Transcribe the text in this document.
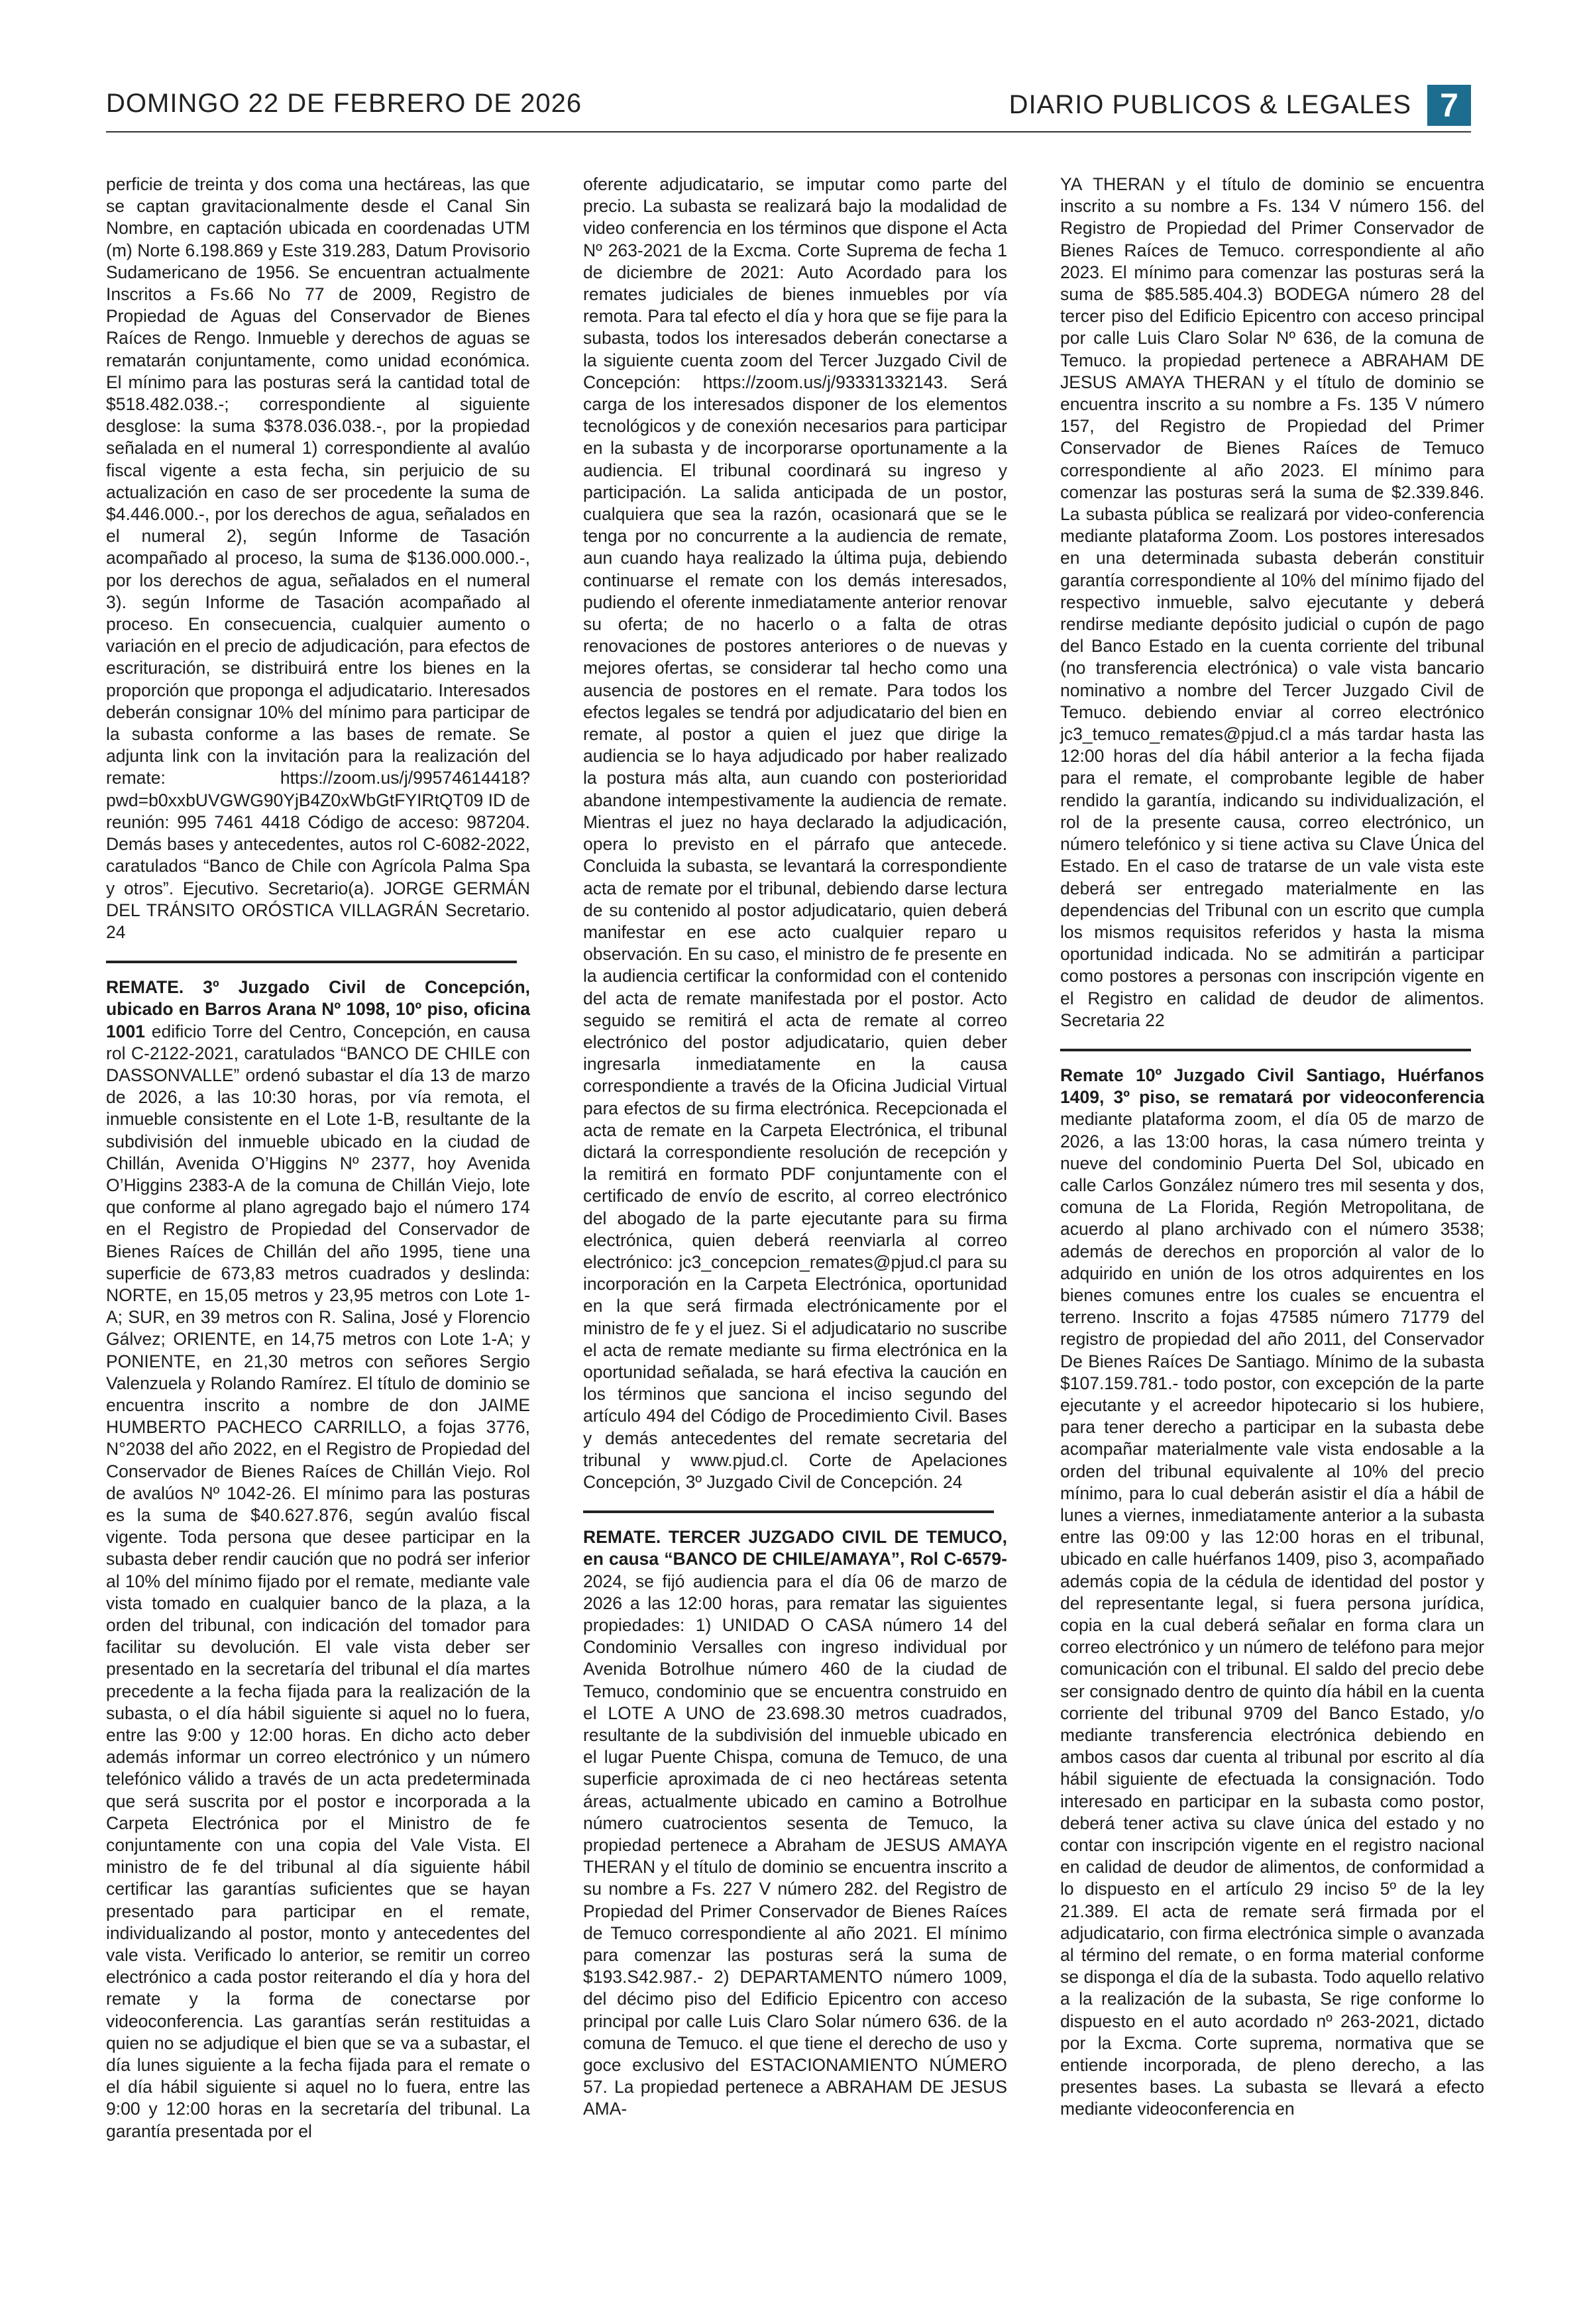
DOMINGO 22 DE FEBRERO DE 2026	DIARIO PUBLICOS & LEGALES 7

perficie de treinta y dos coma una hectáreas, las que se captan gravitacionalmente desde el Canal Sin Nombre, en captación ubicada en coordenadas UTM (m) Norte 6.198.869 y Este 319.283, Datum Provisorio Sudamericano de 1956. Se encuentran actualmente Inscritos a Fs.66 No 77 de 2009, Registro de Propiedad de Aguas del Conservador de Bienes Raíces de Rengo. Inmueble y derechos de aguas se rematarán conjuntamente, como unidad económica. El mínimo para las posturas será la cantidad total de $518.482.038.-; correspondiente al siguiente desglose: la suma $378.036.038.-, por la propiedad señalada en el numeral 1) correspondiente al avalúo fiscal vigente a esta fecha, sin perjuicio de su actualización en caso de ser procedente la suma de $4.446.000.-, por los derechos de agua, señalados en el numeral 2), según Informe de Tasación acompañado al proceso, la suma de $136.000.000.-, por los derechos de agua, señalados en el numeral 3). según Informe de Tasación acompañado al proceso. En consecuencia, cualquier aumento o variación en el precio de adjudicación, para efectos de escrituración, se distribuirá entre los bienes en la proporción que proponga el adjudicatario. Interesados deberán consignar 10% del mínimo para participar de la subasta conforme a las bases de remate. Se adjunta link con la invitación para la realización del remate: https://zoom.us/j/99574614418?pwd=b0xxbUVGWG90YjB4Z0xWbGtFYIRtQT09 ID de reunión: 995 7461 4418 Código de acceso: 987204. Demás bases y antecedentes, autos rol C-6082-2022, caratulados “Banco de Chile con Agrícola Palma Spa y otros”. Ejecutivo. Secretario(a). JORGE GERMÁN DEL TRÁNSITO ORÓSTICA VILLAGRÁN Secretario. 24

REMATE. 3º Juzgado Civil de Concepción, ubicado en Barros Arana Nº 1098, 10º piso, oficina 1001 edificio Torre del Centro, Concepción, en causa rol C-2122-2021, caratulados “BANCO DE CHILE con DASSONVALLE” ordenó subastar el día 13 de marzo de 2026, a las 10:30 horas, por vía remota, el inmueble consistente en el Lote 1-B, resultante de la subdivisión del inmueble ubicado en la ciudad de Chillán, Avenida O’Higgins Nº 2377, hoy Avenida O’Higgins 2383-A de la comuna de Chillán Viejo, lote que conforme al plano agregado bajo el número 174 en el Registro de Propiedad del Conservador de Bienes Raíces de Chillán del año 1995, tiene una superficie de 673,83 metros cuadrados y deslinda: NORTE, en 15,05 metros y 23,95 metros con Lote 1-A; SUR, en 39 metros con R. Salina, José y Florencio Gálvez; ORIENTE, en 14,75 metros con Lote 1-A; y PONIENTE, en 21,30 metros con señores Sergio Valenzuela y Rolando Ramírez. El título de dominio se encuentra inscrito a nombre de don JAIME HUMBERTO PACHECO CARRILLO, a fojas 3776, N°2038 del año 2022, en el Registro de Propiedad del Conservador de Bienes Raíces de Chillán Viejo. Rol de avalúos Nº 1042-26. El mínimo para las posturas es la suma de $40.627.876, según avalúo fiscal vigente. Toda persona que desee participar en la subasta deber rendir caución que no podrá ser inferior al 10% del mínimo fijado por el remate, mediante vale vista tomado en cualquier banco de la plaza, a la orden del tribunal, con indicación del tomador para facilitar su devolución. El vale vista deber ser presentado en la secretaría del tribunal el día martes precedente a la fecha fijada para la realización de la subasta, o el día hábil siguiente si aquel no lo fuera, entre las 9:00 y 12:00 horas. En dicho acto deber además informar un correo electrónico y un número telefónico válido a través de un acta predeterminada que será suscrita por el postor e incorporada a la Carpeta Electrónica por el Ministro de fe conjuntamente con una copia del Vale Vista. El ministro de fe del tribunal al día siguiente hábil certificar las garantías suficientes que se hayan presentado para participar en el remate, individualizando al postor, monto y antecedentes del vale vista. Verificado lo anterior, se remitir un correo electrónico a cada postor reiterando el día y hora del remate y la forma de conectarse por videoconferencia. Las garantías serán restituidas a quien no se adjudique el bien que se va a subastar, el día lunes siguiente a la fecha fijada para el remate o el día hábil siguiente si aquel no lo fuera, entre las 9:00 y 12:00 horas en la secretaría del tribunal. La garantía presentada por el

oferente adjudicatario, se imputar como parte del precio. La subasta se realizará bajo la modalidad de video conferencia en los términos que dispone el Acta Nº 263-2021 de la Excma. Corte Suprema de fecha 1 de diciembre de 2021: Auto Acordado para los remates judiciales de bienes inmuebles por vía remota. Para tal efecto el día y hora que se fije para la subasta, todos los interesados deberán conectarse a la siguiente cuenta zoom del Tercer Juzgado Civil de Concepción: https://zoom.us/j/93331332143. Será carga de los interesados disponer de los elementos tecnológicos y de conexión necesarios para participar en la subasta y de incorporarse oportunamente a la audiencia. El tribunal coordinará su ingreso y participación. La salida anticipada de un postor, cualquiera que sea la razón, ocasionará que se le tenga por no concurrente a la audiencia de remate, aun cuando haya realizado la última puja, debiendo continuarse el remate con los demás interesados, pudiendo el oferente inmediatamente anterior renovar su oferta; de no hacerlo o a falta de otras renovaciones de postores anteriores o de nuevas y mejores ofertas, se considerar tal hecho como una ausencia de postores en el remate. Para todos los efectos legales se tendrá por adjudicatario del bien en remate, al postor a quien el juez que dirige la audiencia se lo haya adjudicado por haber realizado la postura más alta, aun cuando con posterioridad abandone intempestivamente la audiencia de remate. Mientras el juez no haya declarado la adjudicación, opera lo previsto en el párrafo que antecede. Concluida la subasta, se levantará la correspondiente acta de remate por el tribunal, debiendo darse lectura de su contenido al postor adjudicatario, quien deberá manifestar en ese acto cualquier reparo u observación. En su caso, el ministro de fe presente en la audiencia certificar la conformidad con el contenido del acta de remate manifestada por el postor. Acto seguido se remitirá el acta de remate al correo electrónico del postor adjudicatario, quien deber ingresarla inmediatamente en la causa correspondiente a través de la Oficina Judicial Virtual para efectos de su firma electrónica. Recepcionada el acta de remate en la Carpeta Electrónica, el tribunal dictará la correspondiente resolución de recepción y la remitirá en formato PDF conjuntamente con el certificado de envío de escrito, al correo electrónico del abogado de la parte ejecutante para su firma electrónica, quien deberá reenviarla al correo electrónico: jc3_concepcion_remates@pjud.cl para su incorporación en la Carpeta Electrónica, oportunidad en la que será firmada electrónicamente por el ministro de fe y el juez. Si el adjudicatario no suscribe el acta de remate mediante su firma electrónica en la oportunidad señalada, se hará efectiva la caución en los términos que sanciona el inciso segundo del artículo 494 del Código de Procedimiento Civil. Bases y demás antecedentes del remate secretaria del tribunal y www.pjud.cl. Corte de Apelaciones Concepción, 3º Juzgado Civil de Concepción. 24

REMATE. TERCER JUZGADO CIVIL DE TEMUCO, en causa “BANCO DE CHILE/AMAYA”, Rol C-6579-2024, se fijó audiencia para el día 06 de marzo de 2026 a las 12:00 horas, para rematar las siguientes propiedades: 1) UNIDAD O CASA número 14 del Condominio Versalles con ingreso individual por Avenida Botrolhue número 460 de la ciudad de Temuco, condominio que se encuentra construido en el LOTE A UNO de 23.698.30 metros cuadrados, resultante de la subdivisión del inmueble ubicado en el lugar Puente Chispa, comuna de Temuco, de una superficie aproximada de ci neo hectáreas setenta áreas, actualmente ubicado en camino a Botrolhue número cuatrocientos sesenta de Temuco, la propiedad pertenece a Abraham de JESUS AMAYA THERAN y el título de dominio se encuentra inscrito a su nombre a Fs. 227 V número 282. del Registro de Propiedad del Primer Conservador de Bienes Raíces de Temuco correspondiente al año 2021. El mínimo para comenzar las posturas será la suma de $193.S42.987.- 2) DEPARTAMENTO número 1009, del décimo piso del Edificio Epicentro con acceso principal por calle Luis Claro Solar número 636. de la comuna de Temuco. el que tiene el derecho de uso y goce exclusivo del ESTACIONAMIENTO NÚMERO 57. La propiedad pertenece a ABRAHAM DE JESUS AMA-

YA THERAN y el título de dominio se encuentra inscrito a su nombre a Fs. 134 V número 156. del Registro de Propiedad del Primer Conservador de Bienes Raíces de Temuco. correspondiente al año 2023. El mínimo para comenzar las posturas será la suma de $85.585.404.3) BODEGA número 28 del tercer piso del Edificio Epicentro con acceso principal por calle Luis Claro Solar Nº 636, de la comuna de Temuco. la propiedad pertenece a ABRAHAM DE JESUS AMAYA THERAN y el título de dominio se encuentra inscrito a su nombre a Fs. 135 V número 157, del Registro de Propiedad del Primer Conservador de Bienes Raíces de Temuco correspondiente al año 2023. El mínimo para comenzar las posturas será la suma de $2.339.846. La subasta pública se realizará por video-conferencia mediante plataforma Zoom. Los postores interesados en una determinada subasta deberán constituir garantía correspondiente al 10% del mínimo fijado del respectivo inmueble, salvo ejecutante y deberá rendirse mediante depósito judicial o cupón de pago del Banco Estado en la cuenta corriente del tribunal (no transferencia electrónica) o vale vista bancario nominativo a nombre del Tercer Juzgado Civil de Temuco. debiendo enviar al correo electrónico jc3_temuco_remates@pjud.cl a más tardar hasta las 12:00 horas del día hábil anterior a la fecha fijada para el remate, el comprobante legible de haber rendido la garantía, indicando su individualización, el rol de la presente causa, correo electrónico, un número telefónico y si tiene activa su Clave Única del Estado. En el caso de tratarse de un vale vista este deberá ser entregado materialmente en las dependencias del Tribunal con un escrito que cumpla los mismos requisitos referidos y hasta la misma oportunidad indicada. No se admitirán a participar como postores a personas con inscripción vigente en el Registro en calidad de deudor de alimentos. Secretaria 22

Remate 10º Juzgado Civil Santiago, Huérfanos 1409, 3º piso, se rematará por videoconferencia mediante plataforma zoom, el día 05 de marzo de 2026, a las 13:00 horas, la casa número treinta y nueve del condominio Puerta Del Sol, ubicado en calle Carlos González número tres mil sesenta y dos, comuna de La Florida, Región Metropolitana, de acuerdo al plano archivado con el número 3538; además de derechos en proporción al valor de lo adquirido en unión de los otros adquirentes en los bienes comunes entre los cuales se encuentra el terreno. Inscrito a fojas 47585 número 71779 del registro de propiedad del año 2011, del Conservador De Bienes Raíces De Santiago. Mínimo de la subasta $107.159.781.- todo postor, con excepción de la parte ejecutante y el acreedor hipotecario si los hubiere, para tener derecho a participar en la subasta debe acompañar materialmente vale vista endosable a la orden del tribunal equivalente al 10% del precio mínimo, para lo cual deberán asistir el día a hábil de lunes a viernes, inmediatamente anterior a la subasta entre las 09:00 y las 12:00 horas en el tribunal, ubicado en calle huérfanos 1409, piso 3, acompañado además copia de la cédula de identidad del postor y del representante legal, si fuera persona jurídica, copia en la cual deberá señalar en forma clara un correo electrónico y un número de teléfono para mejor comunicación con el tribunal. El saldo del precio debe ser consignado dentro de quinto día hábil en la cuenta corriente del tribunal 9709 del Banco Estado, y/o mediante transferencia electrónica debiendo en ambos casos dar cuenta al tribunal por escrito al día hábil siguiente de efectuada la consignación. Todo interesado en participar en la subasta como postor, deberá tener activa su clave única del estado y no contar con inscripción vigente en el registro nacional en calidad de deudor de alimentos, de conformidad a lo dispuesto en el artículo 29 inciso 5º de la ley 21.389. El acta de remate será firmada por el adjudicatario, con firma electrónica simple o avanzada al término del remate, o en forma material conforme se disponga el día de la subasta. Todo aquello relativo a la realización de la subasta, Se rige conforme lo dispuesto en el auto acordado nº 263-2021, dictado por la Excma. Corte suprema, normativa que se entiende incorporada, de pleno derecho, a las presentes bases. La subasta se llevará a efecto mediante videoconferencia en
